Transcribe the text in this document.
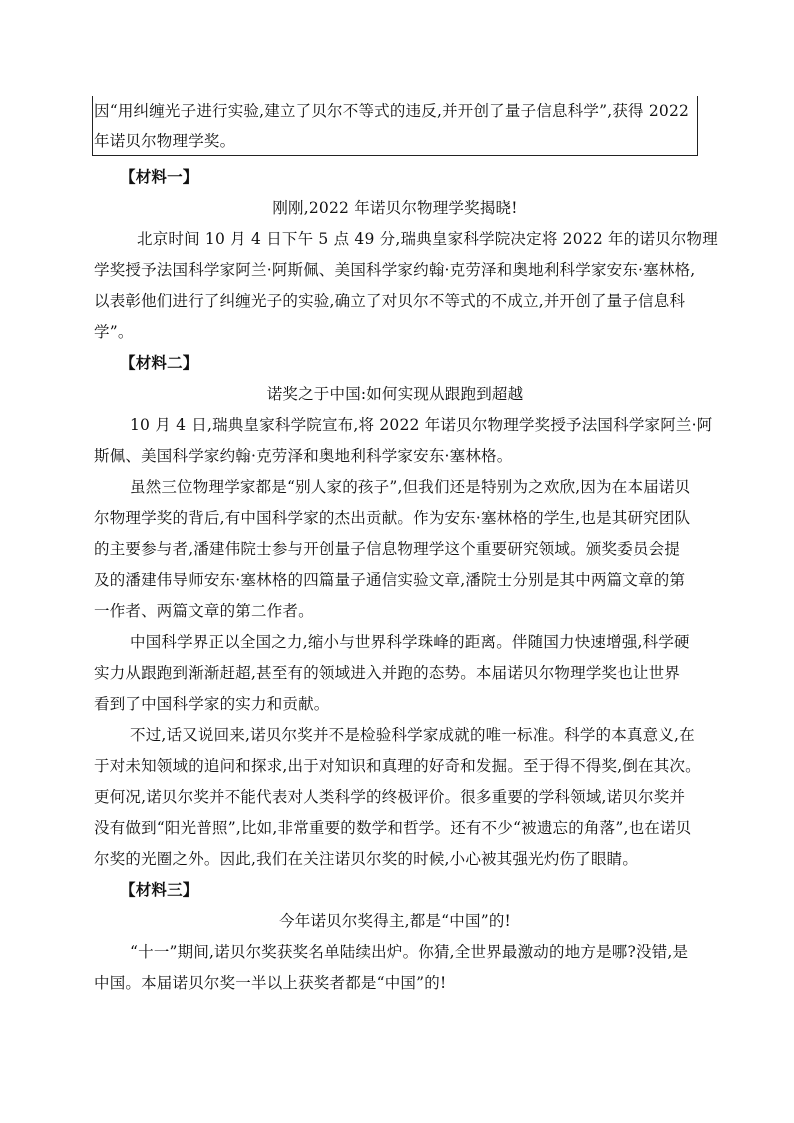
因“用纠缠光子进行实验,建立了贝尔不等式的违反,并开创了量子信息科学”,获得 2022
年诺贝尔物理学奖。
【材料一】
刚刚,2022 年诺贝尔物理学奖揭晓!
北京时间 10 月 4 日下午 5 点 49 分,瑞典皇家科学院决定将 2022 年的诺贝尔物理
学奖授予法国科学家阿兰·阿斯佩、美国科学家约翰·克劳泽和奥地利科学家安东·塞林格,
以表彰他们进行了纠缠光子的实验,确立了对贝尔不等式的不成立,并开创了量子信息科
学”。
【材料二】
诺奖之于中国:如何实现从跟跑到超越
10 月 4 日,瑞典皇家科学院宣布,将 2022 年诺贝尔物理学奖授予法国科学家阿兰·阿
斯佩、美国科学家约翰·克劳泽和奥地利科学家安东·塞林格。
虽然三位物理学家都是“别人家的孩子”,但我们还是特别为之欢欣,因为在本届诺贝
尔物理学奖的背后,有中国科学家的杰出贡献。作为安东·塞林格的学生,也是其研究团队
的主要参与者,潘建伟院士参与开创量子信息物理学这个重要研究领域。颁奖委员会提
及的潘建伟导师安东·塞林格的四篇量子通信实验文章,潘院士分别是其中两篇文章的第
一作者、两篇文章的第二作者。
中国科学界正以全国之力,缩小与世界科学珠峰的距离。伴随国力快速增强,科学硬
实力从跟跑到渐渐赶超,甚至有的领域进入并跑的态势。本届诺贝尔物理学奖也让世界
看到了中国科学家的实力和贡献。
不过,话又说回来,诺贝尔奖并不是检验科学家成就的唯一标准。科学的本真意义,在
于对未知领域的追问和探求,出于对知识和真理的好奇和发掘。至于得不得奖,倒在其次。
更何况,诺贝尔奖并不能代表对人类科学的终极评价。很多重要的学科领域,诺贝尔奖并
没有做到“阳光普照”,比如,非常重要的数学和哲学。还有不少“被遗忘的角落”,也在诺贝
尔奖的光圈之外。因此,我们在关注诺贝尔奖的时候,小心被其强光灼伤了眼睛。
【材料三】
今年诺贝尔奖得主,都是“中国”的!
“十一”期间,诺贝尔奖获奖名单陆续出炉。你猜,全世界最激动的地方是哪?没错,是
中国。本届诺贝尔奖一半以上获奖者都是“中国”的!
